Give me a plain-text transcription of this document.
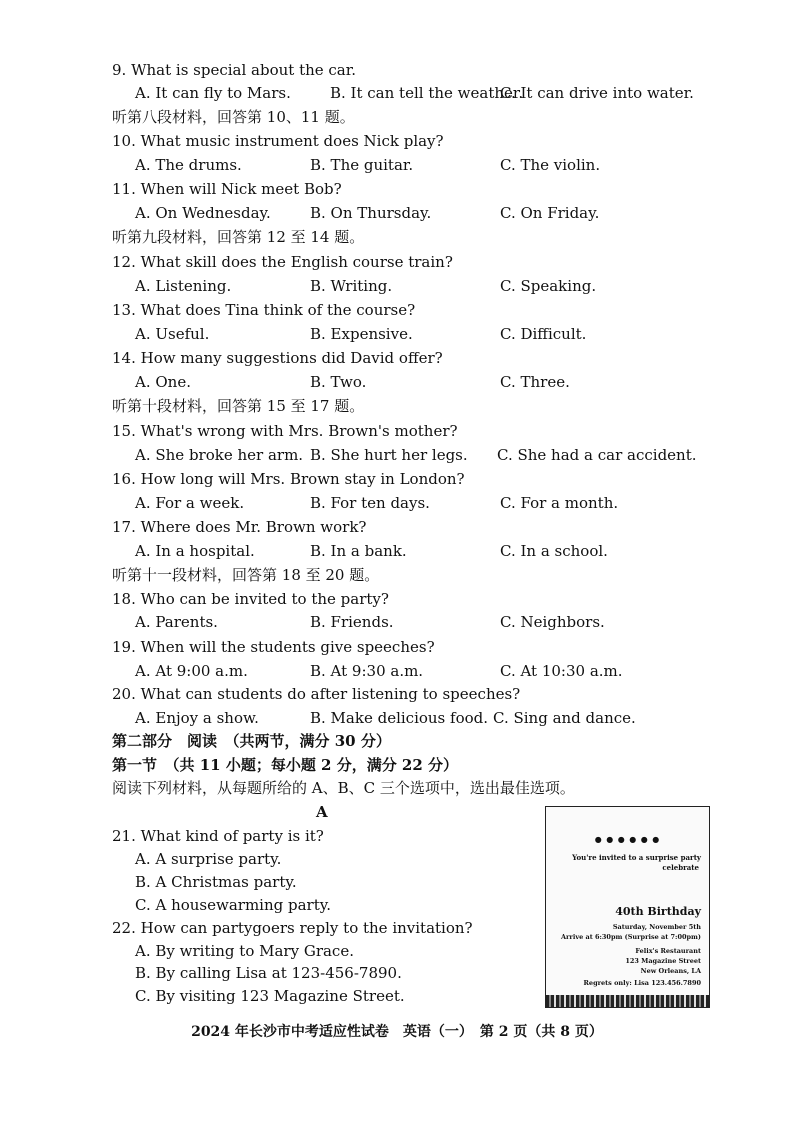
9. What is special about the car.
A. It can fly to Mars.	B. It can tell the weather.
C. It can drive into water.
听第八段材料，回答第 10、11 题。
10. What music instrument does Nick play?
A. The drums.	B. The guitar.	C. The violin.
11. When will Nick meet Bob?
A. On Wednesday.	B. On Thursday.	C. On Friday.
听第九段材料，回答第 12 至 14 题。
12. What skill does the English course train?
A. Listening.	B. Writing.	C. Speaking.
13. What does Tina think of the course?
A. Useful.	B. Expensive.	C. Difficult.
14. How many suggestions did David offer?
A. One.	B. Two.	C. Three.
听第十段材料，回答第 15 至 17 题。
15. What's wrong with Mrs. Brown's mother?
A. She broke her arm. B. She hurt her legs. C. She had a car accident.
16. How long will Mrs. Brown stay in London?
A. For a week.	B. For ten days.	C. For a month.
17. Where does Mr. Brown work?
A. In a hospital.	B. In a bank.	C. In a school.
听第十一段材料，回答第 18 至 20 题。
18. Who can be invited to the party?
A. Parents.	B. Friends.	C. Neighbors.
19. When will the students give speeches?
A. At 9:00 a.m.	B. At 9:30 a.m.	C. At 10:30 a.m.
20. What can students do after listening to speeches?
A. Enjoy a show.	B. Make delicious food. C. Sing and dance.
第二部分　阅读　（共两节，满分 30 分）
第一节　（共 11 小题；每小题 2 分，满分 22 分）
阅读下列材料，从每题所给的 A、B、C 三个选项中，选出最佳选项。
A
21. What kind of party is it?
A. A surprise party.
B. A Christmas party.
C. A housewarming party.
22. How can partygoers reply to the invitation?
A. By writing to Mary Grace.
B. By calling Lisa at 123-456-7890.
C. By visiting 123 Magazine Street.
● ● ● ● ● ●
You're invited to a surprise party
celebrate
40th Birthday
Saturday, November 5th
Arrive at 6:30pm (Surprise at 7:00pm)
Felix's Restaurant
123 Magazine Street
New Orleans, LA
Regrets only: Lisa 123.456.7890
2024 年长沙市中考适应性试卷　英语（一）　第 2 页（共 8 页）
